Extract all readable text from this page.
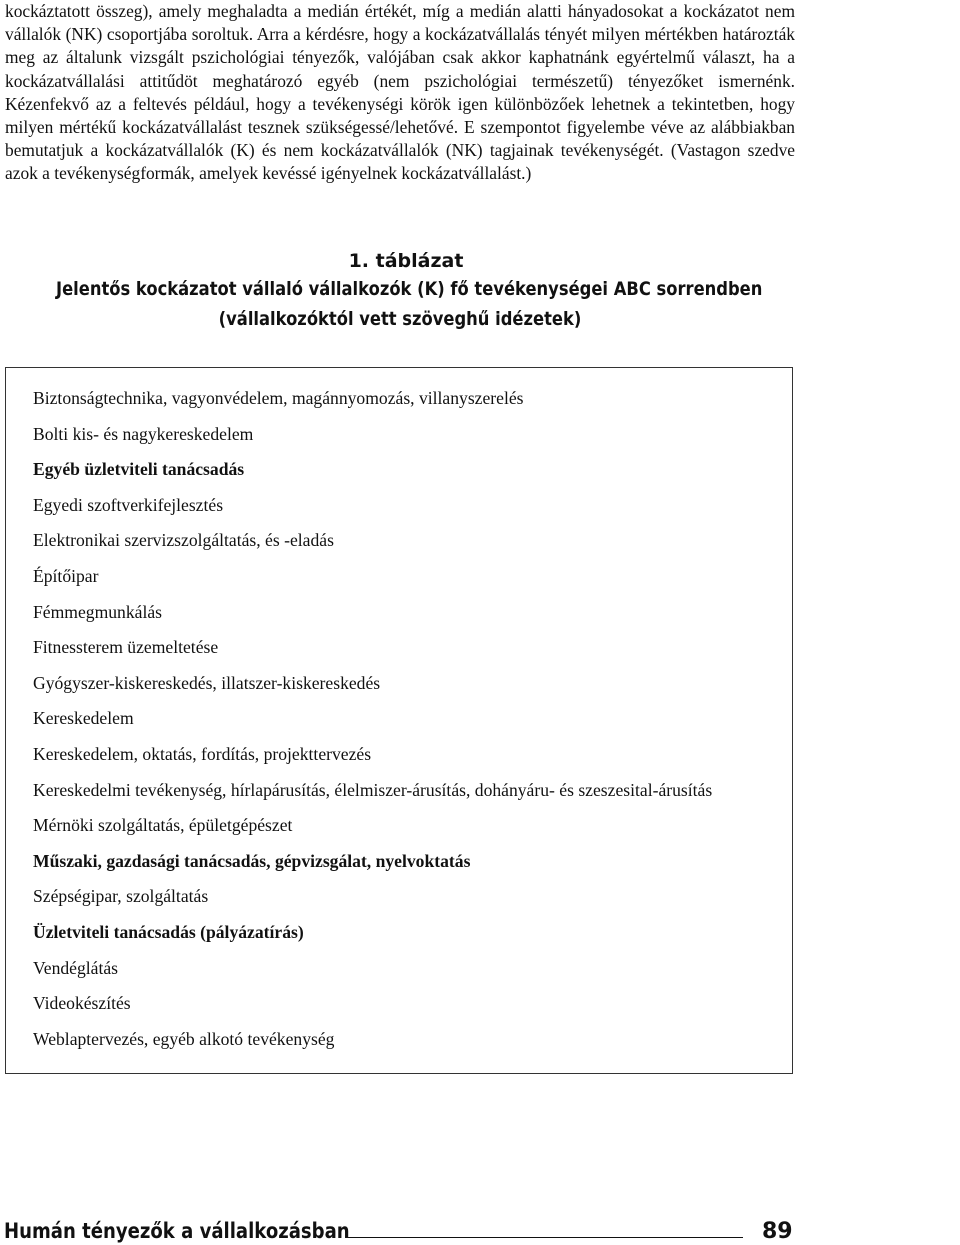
kockáztatott összeg), amely meghaladta a medián értékét, míg a medián alatti hányadosokat a kockázatot nem vállalók (NK) csoportjába soroltuk. Arra a kérdésre, hogy a kockázatvállalás tényét milyen mértékben határozták meg az általunk vizsgált pszichológiai tényezők, valójában csak akkor kaphatnánk egyértelmű választ, ha a kockázatvállalási attitűdöt meghatározó egyéb (nem pszichológiai természetű) tényezőket ismernénk. Kézenfekvő az a feltevés például, hogy a tevékenységi körök igen különbözőek lehetnek a tekintetben, hogy milyen mértékű kockázatvállalást tesznek szükségessé/lehetővé. E szempontot figyelembe véve az alábbiakban bemutatjuk a kockázatvállalók (K) és nem kockázatvállalók (NK) tagjainak tevékenységét. (Vastagon szedve azok a tevékenységformák, amelyek kevéssé igényelnek kockázatvállalást.)

1. táblázat
Jelentős kockázatot vállaló vállalkozók (K) fő tevékenységei ABC sorrendben
(vállalkozóktól vett szöveghű idézetek)
Biztonságtechnika, vagyonvédelem, magánnyomozás, villanyszerelés
Bolti kis- és nagykereskedelem
Egyéb üzletviteli tanácsadás
Egyedi szoftverkifejlesztés
Elektronikai szervizszolgáltatás, és -eladás
Építőipar
Fémmegmunkálás
Fitnessterem üzemeltetése
Gyógyszer-kiskereskedés, illatszer-kiskereskedés
Kereskedelem
Kereskedelem, oktatás, fordítás, projekttervezés
Kereskedelmi tevékenység, hírlapárusítás, élelmiszer-árusítás, dohányáru- és szeszesital-árusítás
Mérnöki szolgáltatás, épületgépészet
Műszaki, gazdasági tanácsadás, gépvizsgálat, nyelvoktatás
Szépségipar, szolgáltatás
Üzletviteli tanácsadás (pályázatírás)
Vendéglátás
Videokészítés
Weblaptervezés, egyéb alkotó tevékenység
Humán tényezők a vállalkozásban	89
